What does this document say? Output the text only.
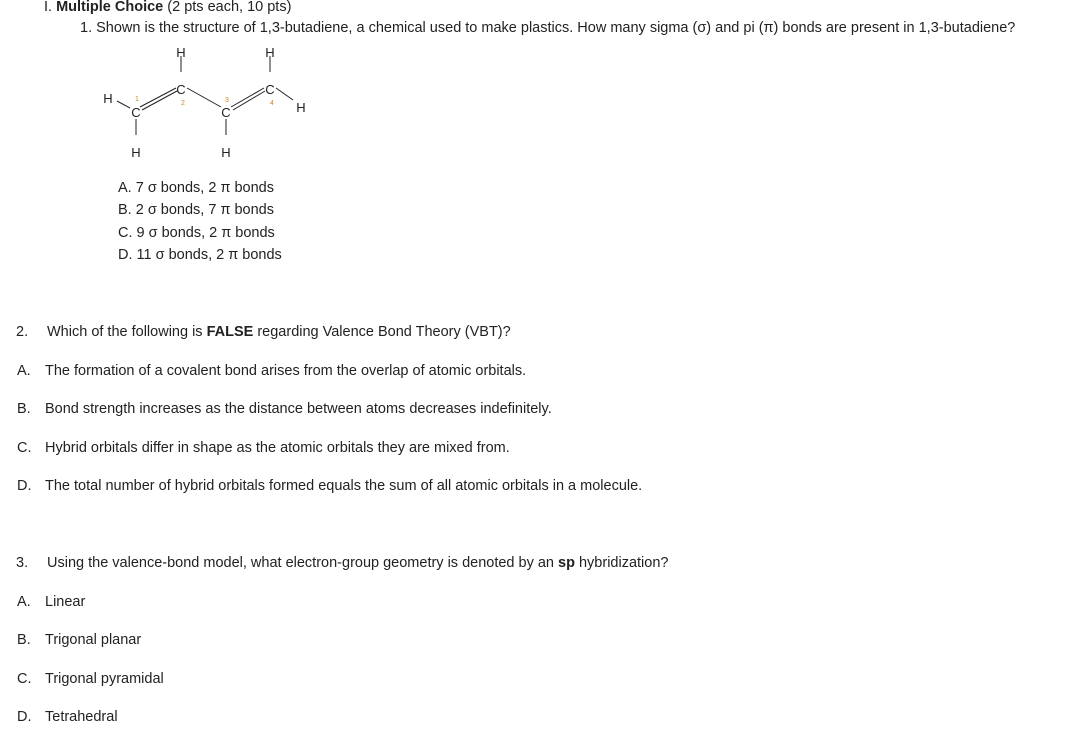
I. Multiple Choice (2 pts each, 10 pts)
1. Shown is the structure of 1,3-butadiene, a chemical used to make plastics. How many sigma (σ) and pi (π) bonds are present in 1,3-butadiene?
H	H
H
C
C
C
C
H
H	H
1
2	3	4
A. 7 σ bonds, 2 π bonds
B. 2 σ bonds, 7 π bonds
C. 9 σ bonds, 2 π bonds
D. 11 σ bonds, 2 π bonds
2. Which of the following is FALSE regarding Valence Bond Theory (VBT)?
A. The formation of a covalent bond arises from the overlap of atomic orbitals.
B. Bond strength increases as the distance between atoms decreases indefinitely.
C. Hybrid orbitals differ in shape as the atomic orbitals they are mixed from.
D. The total number of hybrid orbitals formed equals the sum of all atomic orbitals in a molecule.
3. Using the valence-bond model, what electron-group geometry is denoted by an sp hybridization?
A. Linear
B. Trigonal planar
C. Trigonal pyramidal
D. Tetrahedral
